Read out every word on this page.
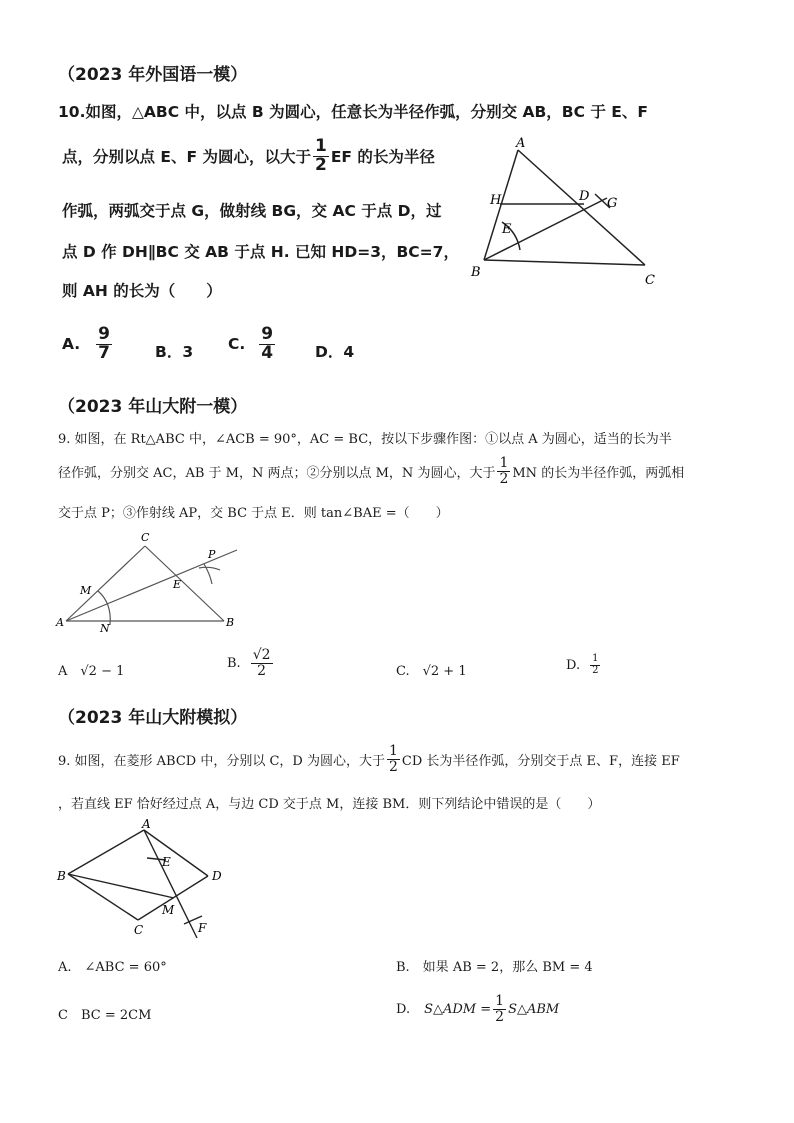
（2023 年外国语一模）
10.如图，△ABC 中，以点 B 为圆心，任意长为半径作弧，分别交 AB，BC 于 E、F
点，分别以点 E、F 为圆心，以大于 $\frac{1}{2}$ EF 的长为半径
作弧，两弧交于点 G，做射线 BG，交 AC 于点 D，过
点 D 作 DH∥BC 交 AB 于点 H. 已知 HD=3，BC=7，
则 AH 的长为（　　）
A. $\frac{9}{7}$	B．3 C. $\frac{9}{4}$	D．4
A
H	D G
E
B
C
（2023 年山大附一模）
9. 如图，在 Rt△ABC 中，∠ACB = 90°，AC = BC，按以下步骤作图：①以点 A 为圆心，适当的长为半
径作弧，分别交 AC，AB 于 M，N 两点；②分别以点 M，N 为圆心，大于 $\frac{1}{2}$ MN 的长为半径作弧，两弧相
交于点 P；③作射线 AP，交 BC 于点 E．则 tan∠BAE =（　　）
C
P
M	E
A	N	B
A　√2 − 1
B. $\frac{√2}{2}$	C.　√2 + 1	D. $\frac{1}{2}$
（2023 年山大附模拟）
9. 如图，在菱形 ABCD 中，分别以 C，D 为圆心，大于 $\frac{1}{2}$ CD 长为半径作弧，分别交于点 E、F，连接 EF
，若直线 EF 恰好经过点 A，与边 CD 交于点 M，连接 BM．则下列结论中错误的是（　　）
A
E
B	D
C
M
F
A.　∠ABC = 60°	B.　如果 AB = 2，那么 BM = 4
C　BC = 2CM	D. S△ADM = $\frac{1}{2}$ S△ABM
